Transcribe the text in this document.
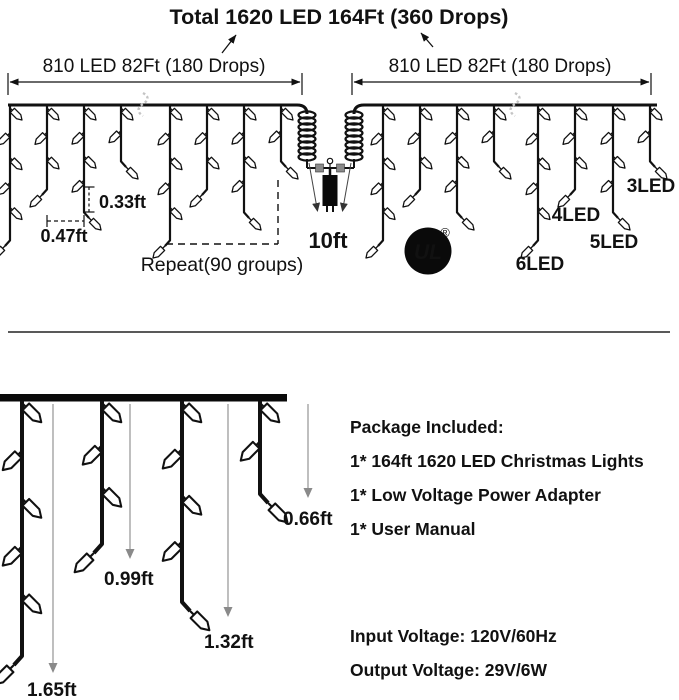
Total 1620 LED 164Ft (360 Drops)
810 LED 82Ft (180 Drops)	810 LED 82Ft (180 Drops)
10ft	UL
®
0.33ft
0.47ft
Repeat(90 groups)	6LED
4LED
5LED
3LED
1.65ft
0.99ft
1.32ft
0.66ft
Package Included:
1* 164ft 1620 LED Christmas Lights
1* Low Voltage Power Adapter
1* User Manual
Input Voltage: 120V/60Hz
Output Voltage: 29V/6W
